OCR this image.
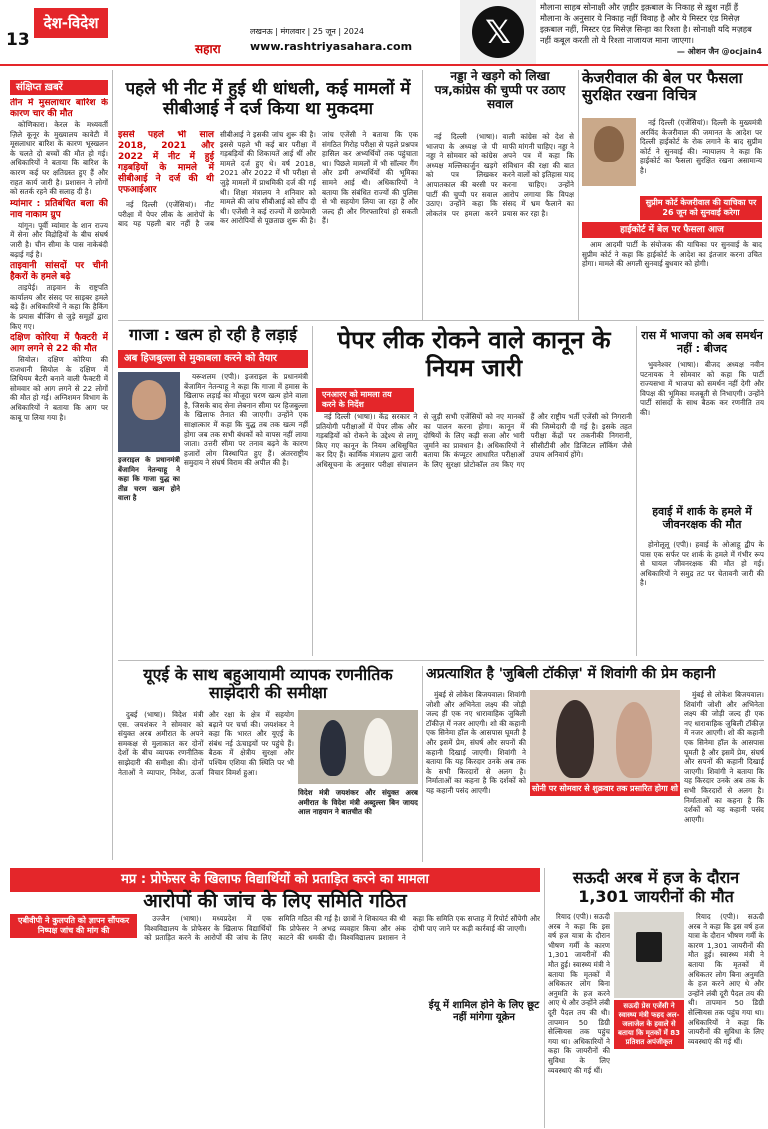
13
देश-विदेश	लखनऊ | मंगलवार | 25 जून | 2024
सहारा	www.rashtriyasahara.com	𝕏
मौलाना साहब सोनाक्षी और ज़हीर इक़बाल के निकाह से ख़ुश नहीं हैं मौलाना के अनुसार ये निकाह नहीं विवाह है और ये मिस्टर एंड मिसेज़ इक़बाल नहीं, मिस्टर एंड मिसेज़ सिन्हा का रिश्ता है। सोनाक्षी यदि मज़हब नहीं कबूल करती तो ये रिश्ता नाजायज माना जाएगा।
— ओशन जैन @ocjain4
संक्षिप्त ख़बरें
तीन में मुसलाधार बारिश के कारण चार की मौत

कोणिकारा। केरल के मध्यवर्ती ज़िले कूनूर के मुख्यालय कावेटी में मूसलाधार बारिश के कारण भूस्खलन के चलते दो बच्चों की मौत हो गई। अधिकारियों ने बताया कि बारिश के कारण कई घर क्षतिग्रस्त हुए हैं और राहत कार्य जारी है। प्रशासन ने लोगों को सतर्क रहने की सलाह दी है।

म्यांमार : प्रतिबंधित बला की नाव नाकाम ग्रुप

यांगून। पूर्वी म्यांमार के शान राज्य में सेना और विद्रोहियों के बीच संघर्ष जारी है। चीन सीमा के पास नाकेबंदी बढ़ाई गई है।

ताइवानी सांसदों पर चीनी हैकरों के हमले बढ़े

ताइपेई। ताइवान के राष्ट्रपति कार्यालय और संसद पर साइबर हमले बढ़े हैं। अधिकारियों ने कहा कि हैकिंग के प्रयास बीजिंग से जुड़े समूहों द्वारा किए गए।

दक्षिण कोरिया में फैक्टरी में आग लगने से 22 की मौत

सियोल। दक्षिण कोरिया की राजधानी सियोल के दक्षिण में लिथियम बैटरी बनाने वाली फैक्टरी में सोमवार को आग लगने से 22 लोगों की मौत हो गई। अग्निशमन विभाग के अधिकारियों ने बताया कि आग पर काबू पा लिया गया है।

पहले भी नीट में हुई थी धांधली, कई मामलों में सीबीआई ने दर्ज किया था मुकदमा
इससे पहले भी साल 2018, 2021 और 2022 में नीट में हुई गड़बड़ियों के मामले में सीबीआई ने दर्ज की थी एफआईआर

नई दिल्ली (एजेंसियां)। नीट परीक्षा में पेपर लीक के आरोपों के बाद यह पहली बार नहीं है जब सीबीआई ने इसकी जांच शुरू की है। इससे पहले भी कई बार परीक्षा में गड़बड़ियों की शिकायतें आई थीं और मामले दर्ज हुए थे। वर्ष 2018, 2021 और 2022 में भी परीक्षा से जुड़े मामलों में प्राथमिकी दर्ज की गई थी। शिक्षा मंत्रालय ने शनिवार को मामले की जांच सीबीआई को सौंप दी थी। एजेंसी ने कई राज्यों में छापेमारी कर आरोपियों से पूछताछ शुरू की है। जांच एजेंसी ने बताया कि एक संगठित गिरोह परीक्षा से पहले प्रश्नपत्र हासिल कर अभ्यर्थियों तक पहुंचाता था। पिछले मामलों में भी सॉल्वर गैंग और डमी अभ्यर्थियों की भूमिका सामने आई थी। अधिकारियों ने बताया कि संबंधित राज्यों की पुलिस से भी सहयोग लिया जा रहा है और जल्द ही और गिरफ्तारियां हो सकती हैं।

नड्डा ने खड़गे को लिखा पत्र,कांग्रेस की चुप्पी पर उठाए सवाल

नई दिल्ली (भाषा)। भाजपा के अध्यक्ष जे पी नड्डा ने सोमवार को कांग्रेस अध्यक्ष मल्लिकार्जुन खड़गे को पत्र लिखकर आपातकाल की बरसी पर पार्टी की चुप्पी पर सवाल उठाए। उन्होंने कहा कि लोकतंत्र पर हमला करने वाली कांग्रेस को देश से माफी मांगनी चाहिए। नड्डा ने अपने पत्र में कहा कि संविधान की रक्षा की बात करने वालों को इतिहास याद करना चाहिए। उन्होंने आरोप लगाया कि विपक्ष संसद में भ्रम फैलाने का प्रयास कर रहा है।

केजरीवाल की बेल पर फैसला सुरक्षित रखना विचित्र

नई दिल्ली (एजेंसियां)। दिल्ली के मुख्यमंत्री अरविंद केजरीवाल की जमानत के आदेश पर दिल्ली हाईकोर्ट के रोक लगाने के बाद सुप्रीम कोर्ट ने सुनवाई की। न्यायालय ने कहा कि हाईकोर्ट का फैसला सुरक्षित रखना असामान्य है।

सुप्रीम कोर्ट केजरीवाल की याचिका पर 26 जून को सुनवाई करेगा
हाईकोर्ट में बेल पर फैसला आज

आम आदमी पार्टी के संयोजक की याचिका पर सुनवाई के बाद सुप्रीम कोर्ट ने कहा कि हाईकोर्ट के आदेश का इंतजार करना उचित होगा। मामले की अगली सुनवाई बुधवार को होगी।

गाजा : खत्म हो रही है लड़ाई
अब हिजबुल्ला से मुकाबला करने को तैयार
इजराइल के प्रधानमंत्री बेंजामिन नेतन्याहू ने कहा कि गाजा युद्ध का तीव्र चरण खत्म होने वाला है

यरूशलम (एपी)। इजराइल के प्रधानमंत्री बेंजामिन नेतन्याहू ने कहा कि गाजा में हमास के खिलाफ लड़ाई का मौजूदा चरण खत्म होने वाला है, जिसके बाद सेना लेबनान सीमा पर हिजबुल्ला के खिलाफ तैनात की जाएगी। उन्होंने एक साक्षात्कार में कहा कि युद्ध तब तक खत्म नहीं होगा जब तक सभी बंधकों को वापस नहीं लाया जाता। उत्तरी सीमा पर तनाव बढ़ने के कारण हजारों लोग विस्थापित हुए हैं। अंतरराष्ट्रीय समुदाय ने संघर्ष विराम की अपील की है।

पेपर लीक रोकने वाले कानून के नियम जारी
एनआरए को मामला तय करने के निर्देश

नई दिल्ली (भाषा)। केंद्र सरकार ने प्रतियोगी परीक्षाओं में पेपर लीक और गड़बड़ियों को रोकने के उद्देश्य से लागू किए गए कानून के नियम अधिसूचित कर दिए हैं। कार्मिक मंत्रालय द्वारा जारी अधिसूचना के अनुसार परीक्षा संचालन से जुड़ी सभी एजेंसियों को नए मानकों का पालन करना होगा। कानून में दोषियों के लिए कड़ी सजा और भारी जुर्माने का प्रावधान है। अधिकारियों ने बताया कि कंप्यूटर आधारित परीक्षाओं के लिए सुरक्षा प्रोटोकॉल तय किए गए हैं और राष्ट्रीय भर्ती एजेंसी को निगरानी की जिम्मेदारी दी गई है। इसके तहत परीक्षा केंद्रों पर तकनीकी निगरानी, सीसीटीवी और डिजिटल लॉकिंग जैसे उपाय अनिवार्य होंगे।

रास में भाजपा को अब समर्थन नहीं : बीजद

भुवनेश्वर (भाषा)। बीजद अध्यक्ष नवीन पटनायक ने सोमवार को कहा कि पार्टी राज्यसभा में भाजपा को समर्थन नहीं देगी और विपक्ष की भूमिका मजबूती से निभाएगी। उन्होंने पार्टी सांसदों के साथ बैठक कर रणनीति तय की।

हवाई में शार्क के हमले में जीवनरक्षक की मौत

होनोलूलू (एपी)। हवाई के ओआहू द्वीप के पास एक सर्फर पर शार्क के हमले में गंभीर रूप से घायल जीवनरक्षक की मौत हो गई। अधिकारियों ने समुद्र तट पर चेतावनी जारी की है।

यूएई के साथ बहुआयामी व्यापक रणनीतिक साझेदारी की समीक्षा

दुबई (भाषा)। विदेश मंत्री एस. जयशंकर ने सोमवार को संयुक्त अरब अमीरात के अपने समकक्ष से मुलाकात कर दोनों देशों के बीच व्यापक रणनीतिक साझेदारी की समीक्षा की। दोनों नेताओं ने व्यापार, निवेश, ऊर्जा और रक्षा के क्षेत्र में सहयोग बढ़ाने पर चर्चा की। जयशंकर ने कहा कि भारत और यूएई के संबंध नई ऊंचाइयों पर पहुंचे हैं। बैठक में क्षेत्रीय सुरक्षा और पश्चिम एशिया की स्थिति पर भी विचार विमर्श हुआ।

विदेश मंत्री जयशंकर और संयुक्त अरब अमीरात के विदेश मंत्री अब्दुल्ला बिन जायद आल नाहयान ने बातचीत की
अप्रत्याशित है 'जुबिली टॉकीज़' में शिवांगी की प्रेम कहानी

मुंबई से लोकेश बिजयवाल। शिवांगी जोशी और अभिनेता लक्ष्य की जोड़ी जल्द ही एक नए धारावाहिक जुबिली टॉकीज़ में नजर आएगी। शो की कहानी एक सिनेमा हॉल के आसपास घूमती है और इसमें प्रेम, संघर्ष और सपनों की कहानी दिखाई जाएगी। शिवांगी ने बताया कि यह किरदार उनके अब तक के सभी किरदारों से अलग है। निर्माताओं का कहना है कि दर्शकों को यह कहानी पसंद आएगी।	सोनी पर सोमवार से शुक्रवार तक प्रसारित होगा शो

मुंबई से लोकेश बिजयवाल। शिवांगी जोशी और अभिनेता लक्ष्य की जोड़ी जल्द ही एक नए धारावाहिक जुबिली टॉकीज़ में नजर आएगी। शो की कहानी एक सिनेमा हॉल के आसपास घूमती है और इसमें प्रेम, संघर्ष और सपनों की कहानी दिखाई जाएगी। शिवांगी ने बताया कि यह किरदार उनके अब तक के सभी किरदारों से अलग है। निर्माताओं का कहना है कि दर्शकों को यह कहानी पसंद आएगी।

मप्र : प्रोफेसर के खिलाफ विद्यार्थियों को प्रताड़ित करने का मामला
आरोपों की जांच के लिए समिति गठित
एबीवीपी ने कुलपति को ज्ञापन सौंपकर निष्पक्ष जांच की मांग की

उज्जैन (भाषा)। मध्यप्रदेश में एक विश्वविद्यालय के प्रोफेसर के खिलाफ विद्यार्थियों को प्रताड़ित करने के आरोपों की जांच के लिए समिति गठित की गई है। छात्रों ने शिकायत की थी कि प्रोफेसर ने अभद्र व्यवहार किया और अंक काटने की धमकी दी। विश्वविद्यालय प्रशासन ने कहा कि समिति एक सप्ताह में रिपोर्ट सौंपेगी और दोषी पाए जाने पर कड़ी कार्रवाई की जाएगी।

ईयू में शामिल होने के लिए छूट नहीं मांगेगा यूक्रेन
सऊदी अरब में हज के दौरान 1,301 जायरीनों की मौत

रियाद (एपी)। सऊदी अरब ने कहा कि इस वर्ष हज यात्रा के दौरान भीषण गर्मी के कारण 1,301 जायरीनों की मौत हुई। स्वास्थ्य मंत्री ने बताया कि मृतकों में अधिकतर लोग बिना अनुमति के हज करने आए थे और उन्होंने लंबी दूरी पैदल तय की थी। तापमान 50 डिग्री सेल्सियस तक पहुंच गया था। अधिकारियों ने कहा कि जायरीनों की सुविधा के लिए व्यवस्थाएं की गई थीं।

सऊदी प्रेस एजेंसी ने स्वास्थ्य मंत्री फहद अल-जलाजेल के हवाले से बताया कि मृतकों में 83 प्रतिशत अपंजीकृत

रियाद (एपी)। सऊदी अरब ने कहा कि इस वर्ष हज यात्रा के दौरान भीषण गर्मी के कारण 1,301 जायरीनों की मौत हुई। स्वास्थ्य मंत्री ने बताया कि मृतकों में अधिकतर लोग बिना अनुमति के हज करने आए थे और उन्होंने लंबी दूरी पैदल तय की थी। तापमान 50 डिग्री सेल्सियस तक पहुंच गया था। अधिकारियों ने कहा कि जायरीनों की सुविधा के लिए व्यवस्थाएं की गई थीं।
